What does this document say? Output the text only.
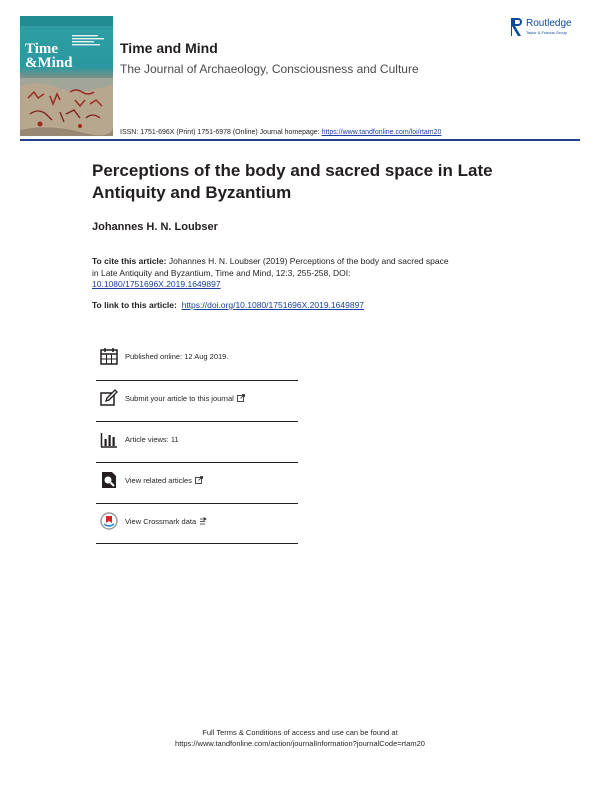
Time
&Mind
Time and Mind
The Journal of Archaeology, Consciousness and Culture
Routledge
Taylor & Francis Group
ISSN: 1751-696X (Print) 1751-6978 (Online) Journal homepage: https://www.tandfonline.com/loi/rtam20
Perceptions of the body and sacred space in Late Antiquity and Byzantium
Johannes H. N. Loubser
To cite this article: Johannes H. N. Loubser (2019) Perceptions of the body and sacred space in Late Antiquity and Byzantium, Time and Mind, 12:3, 255-258, DOI: 10.1080/1751696X.2019.1649897
To link to this article: https://doi.org/10.1080/1751696X.2019.1649897
Published online: 12 Aug 2019.
Submit your article to this journal
Article views: 11
View related articles
View Crossmark data
Full Terms & Conditions of access and use can be found at
https://www.tandfonline.com/action/journalInformation?journalCode=rtam20
